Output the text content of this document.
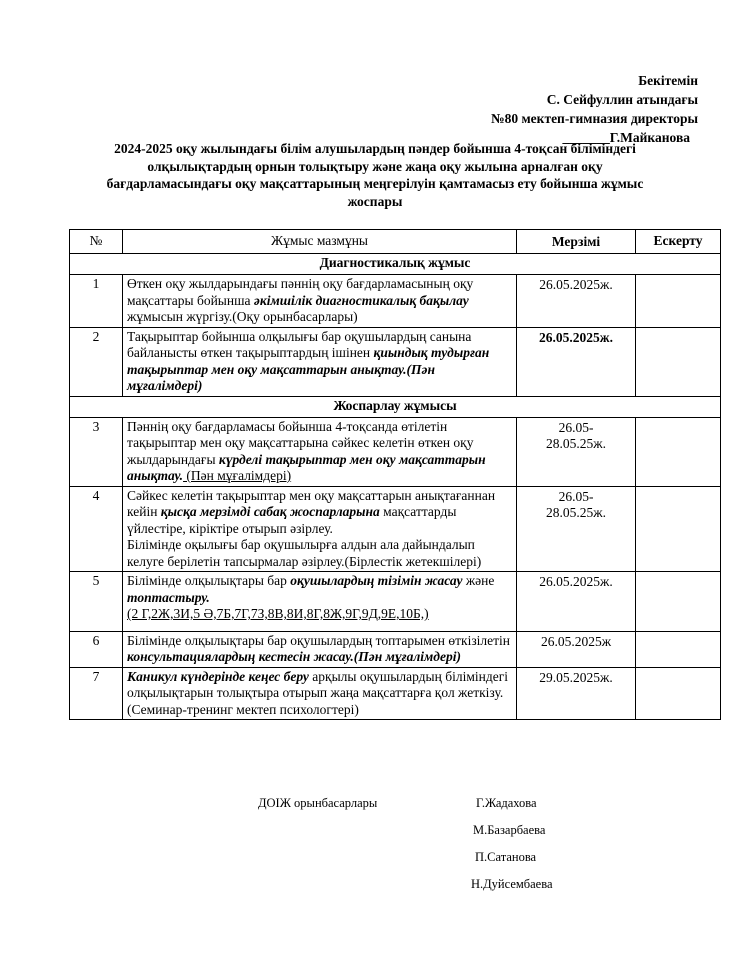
Бекітемін
С. Сейфуллин атындағы
№80 мектеп-гимназия директоры
_______Г.Майканова
2024-2025 оқу жылындағы білім алушылардың пәндер бойынша 4-тоқсан біліміндегі олқылықтардың орнын толықтыру және жаңа оқу жылына арналған оқу бағдарламасындағы оқу мақсаттарының меңгерілуін қамтамасыз ету бойынша жұмыс жоспары
№	Жұмыс мазмұны	Мерзімі	Ескерту
Диагностикалық жұмыс			
1	Өткен оқу жылдарындағы пәннің оқу бағдарламасының оқу мақсаттары бойынша әкімшілік диагностикалық бақылау жұмысын жүргізу.(Оқу орынбасарлары)	26.05.2025ж.	
2	Тақырыптар бойынша олқылығы бар оқушылардың санына байланысты өткен тақырыптардың ішінен қиындық тудырған тақырыптар мен оқу мақсаттарын анықтау.(Пән мұғалімдері)	26.05.2025ж.	
Жоспарлау жұмысы			
3	Пәннің оқу бағдарламасы бойынша 4-тоқсанда өтілетін тақырыптар мен оқу мақсаттарына сәйкес келетін өткен оқу жылдарындағы күрделі тақырыптар мен оқу мақсаттарын анықтау. (Пән мұғалімдері)	26.05-
28.05.25ж.	
4	Сәйкес келетін тақырыптар мен оқу мақсаттарын анықтағаннан кейін қысқа мерзімді сабақ жоспарларына мақсаттарды үйлестіре, кіріктіре отырып әзірлеу.
Білімінде оқылығы бар оқушылырға алдын ала дайындалып келуге берілетін тапсырмалар әзірлеу.(Бірлестік жетекшілері)	26.05-
28.05.25ж.	
5	Білімінде олқылықтары бар оқушылардың тізімін жасау және топтастыру.
(2 Г,2Ж,3И,5 Ә,7Б,7Г,7З,8В,8И,8Г,8Ж,9Г,9Д,9Е,10Б,)	26.05.2025ж.	
6	Білімінде олқылықтары бар оқушылардың топтарымен өткізілетін консультациялардың кестесін жасау.(Пән мұғалімдері)	26.05.2025ж	
7	Каникул күндерінде кеңес беру арқылы оқушылардың біліміндегі олқылықтарын толықтыра отырып жаңа мақсаттарға қол жеткізу.(Семинар-тренинг мектеп психологтері)	29.05.2025ж.	
ДОІЖ орынбасарлары	Г.Жадахова
М.Базарбаева
П.Сатанова
Н.Дуйсембаева
